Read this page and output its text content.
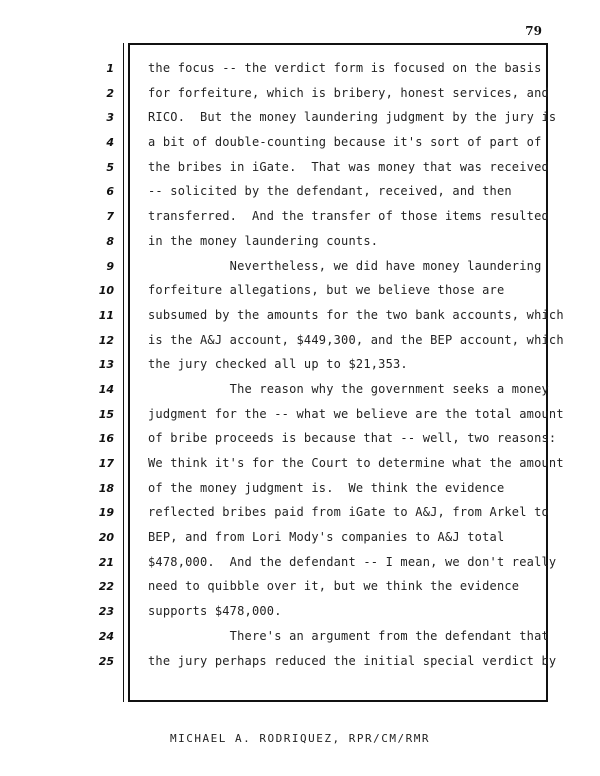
79
1	the focus -- the verdict form is focused on the basis
2	for forfeiture, which is bribery, honest services, and
3	RICO.  But the money laundering judgment by the jury is
4	a bit of double-counting because it's sort of part of
5	the bribes in iGate.  That was money that was received
6	-- solicited by the defendant, received, and then
7	transferred.  And the transfer of those items resulted
8	in the money laundering counts.
9	Nevertheless, we did have money laundering
10	forfeiture allegations, but we believe those are
11	subsumed by the amounts for the two bank accounts, which
12	is the A&J account, $449,300, and the BEP account, which
13	the jury checked all up to $21,353.
14	The reason why the government seeks a money
15	judgment for the -- what we believe are the total amount
16	of bribe proceeds is because that -- well, two reasons:
17	We think it's for the Court to determine what the amount
18	of the money judgment is.  We think the evidence
19	reflected bribes paid from iGate to A&J, from Arkel to
20	BEP, and from Lori Mody's companies to A&J total
21	$478,000.  And the defendant -- I mean, we don't really
22	need to quibble over it, but we think the evidence
23	supports $478,000.
24	There's an argument from the defendant that
25	the jury perhaps reduced the initial special verdict by
MICHAEL A. RODRIQUEZ, RPR/CM/RMR
